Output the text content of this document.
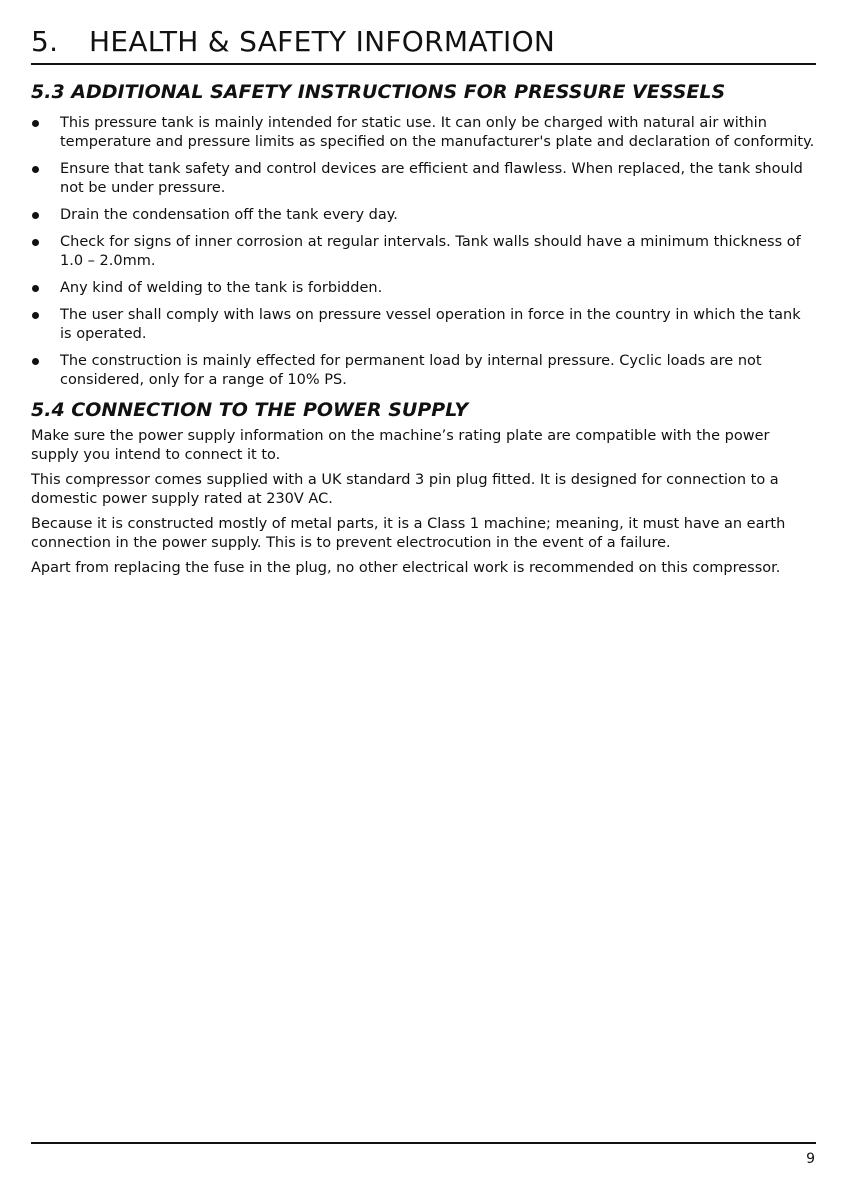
5. HEALTH & SAFETY INFORMATION
5.3 ADDITIONAL SAFETY INSTRUCTIONS FOR PRESSURE VESSELS
This pressure tank is mainly intended for static use. It can only be charged with natural air within temperature and pressure limits as specified on the manufacturer's plate and declaration of conformity.
Ensure that tank safety and control devices are efficient and flawless. When replaced, the tank should not be under pressure.
Drain the condensation off the tank every day.
Check for signs of inner corrosion at regular intervals. Tank walls should have a minimum thickness of 1.0 – 2.0mm.
Any kind of welding to the tank is forbidden.
The user shall comply with laws on pressure vessel operation in force in the country in which the tank is operated.
The construction is mainly effected for permanent load by internal pressure. Cyclic loads are not considered, only for a range of 10% PS.
5.4 CONNECTION TO THE POWER SUPPLY

Make sure the power supply information on the machine’s rating plate are compatible with the power supply you intend to connect it to.

This compressor comes supplied with a UK standard 3 pin plug fitted. It is designed for connection to a domestic power supply rated at 230V AC.

Because it is constructed mostly of metal parts, it is a Class 1 machine; meaning, it must have an earth connection in the power supply. This is to prevent electrocution in the event of a failure.

Apart from replacing the fuse in the plug, no other electrical work is recommended on this compressor.

9
